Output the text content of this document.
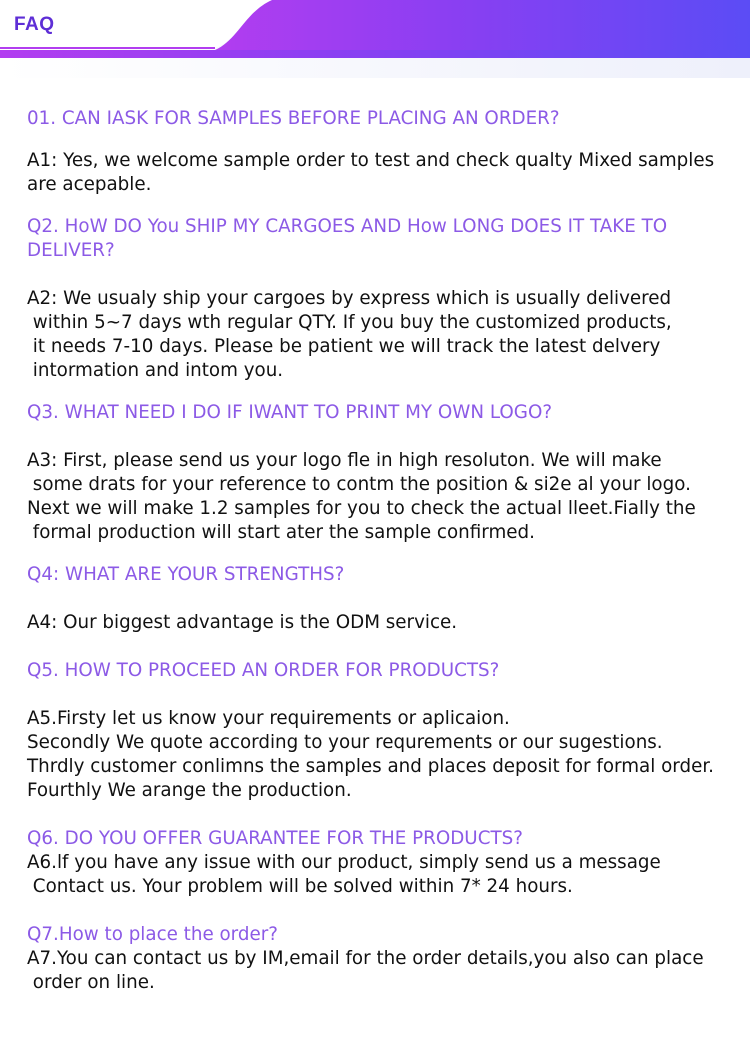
FAQ
01. CAN IASK FOR SAMPLES BEFORE PLACING AN ORDER?
A1: Yes, we welcome sample order to test and check qualty Mixed samples
are acepable.
Q2. HoW DO You SHIP MY CARGOES AND How LONG DOES IT TAKE TO
DELIVER?
A2: We usualy ship your cargoes by express which is usually delivered
within 5~7 days wth regular QTY. If you buy the customized products,
it needs 7-10 days. Please be patient we will track the latest delvery
intormation and intom you.
Q3. WHAT NEED I DO IF IWANT TO PRINT MY OWN LOGO?
A3: First, please send us your logo fle in high resoluton. We will make
some drats for your reference to contm the position & si2e al your logo.
Next we will make 1.2 samples for you to check the actual lleet.Fially the
formal production will start ater the sample confirmed.
Q4: WHAT ARE YOUR STRENGTHS?
A4: Our biggest advantage is the ODM service.
Q5. HOW TO PROCEED AN ORDER FOR PRODUCTS?
A5.Firsty let us know your requirements or aplicaion.
Secondly We quote according to your requrements or our sugestions.
Thrdly customer conlimns the samples and places deposit for formal order.
Fourthly We arange the production.
Q6. DO YOU OFFER GUARANTEE FOR THE PRODUCTS?
A6.lf you have any issue with our product, simply send us a message
Contact us. Your problem will be solved within 7* 24 hours.
Q7.How to place the order?
A7.You can contact us by IM,email for the order details,you also can place
order on line.
